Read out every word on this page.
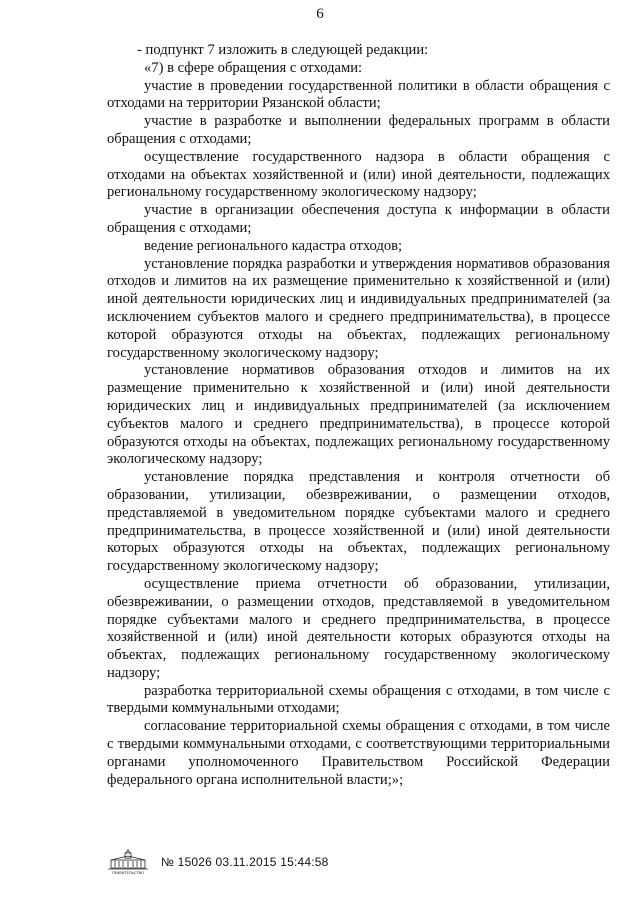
6

- подпункт 7 изложить в следующей редакции:

«7) в сфере обращения с отходами:

участие в проведении государственной политики в области обращения с отходами на территории Рязанской области;

участие в разработке и выполнении федеральных программ в области обращения с отходами;

осуществление государственного надзора в области обращения с отходами на объектах хозяйственной и (или) иной деятельности, подлежащих региональному государственному экологическому надзору;

участие в организации обеспечения доступа к информации в области обращения с отходами;

ведение регионального кадастра отходов;

установление порядка разработки и утверждения нормативов образования отходов и лимитов на их размещение применительно к хозяйственной и (или) иной деятельности юридических лиц и индивидуальных предпринимателей (за исключением субъектов малого и среднего предпринимательства), в процессе которой образуются отходы на объектах, подлежащих региональному государственному экологическому надзору;

установление нормативов образования отходов и лимитов на их размещение применительно к хозяйственной и (или) иной деятельности юридических лиц и индивидуальных предпринимателей (за исключением субъектов малого и среднего предпринимательства), в процессе которой образуются отходы на объектах, подлежащих региональному государственному экологическому надзору;

установление порядка представления и контроля отчетности об образовании, утилизации, обезвреживании, о размещении отходов, представляемой в уведомительном порядке субъектами малого и среднего предпринимательства, в процессе хозяйственной и (или) иной деятельности которых образуются отходы на объектах, подлежащих региональному государственному экологическому надзору;

осуществление приема отчетности об образовании, утилизации, обезвреживании, о размещении отходов, представляемой в уведомительном порядке субъектами малого и среднего предпринимательства, в процессе хозяйственной и (или) иной деятельности которых образуются отходы на объектах, подлежащих региональному государственному экологическому надзору;

разработка территориальной схемы обращения с отходами, в том числе с твердыми коммунальными отходами;

согласование территориальной схемы обращения с отходами, в том числе с твердыми коммунальными отходами, с соответствующими территориальными органами уполномоченного Правительством Российской Федерации федерального органа исполнительной власти;»;

ПРАВИТЕЛЬСТВО
№ 15026 03.11.2015 15:44:58
